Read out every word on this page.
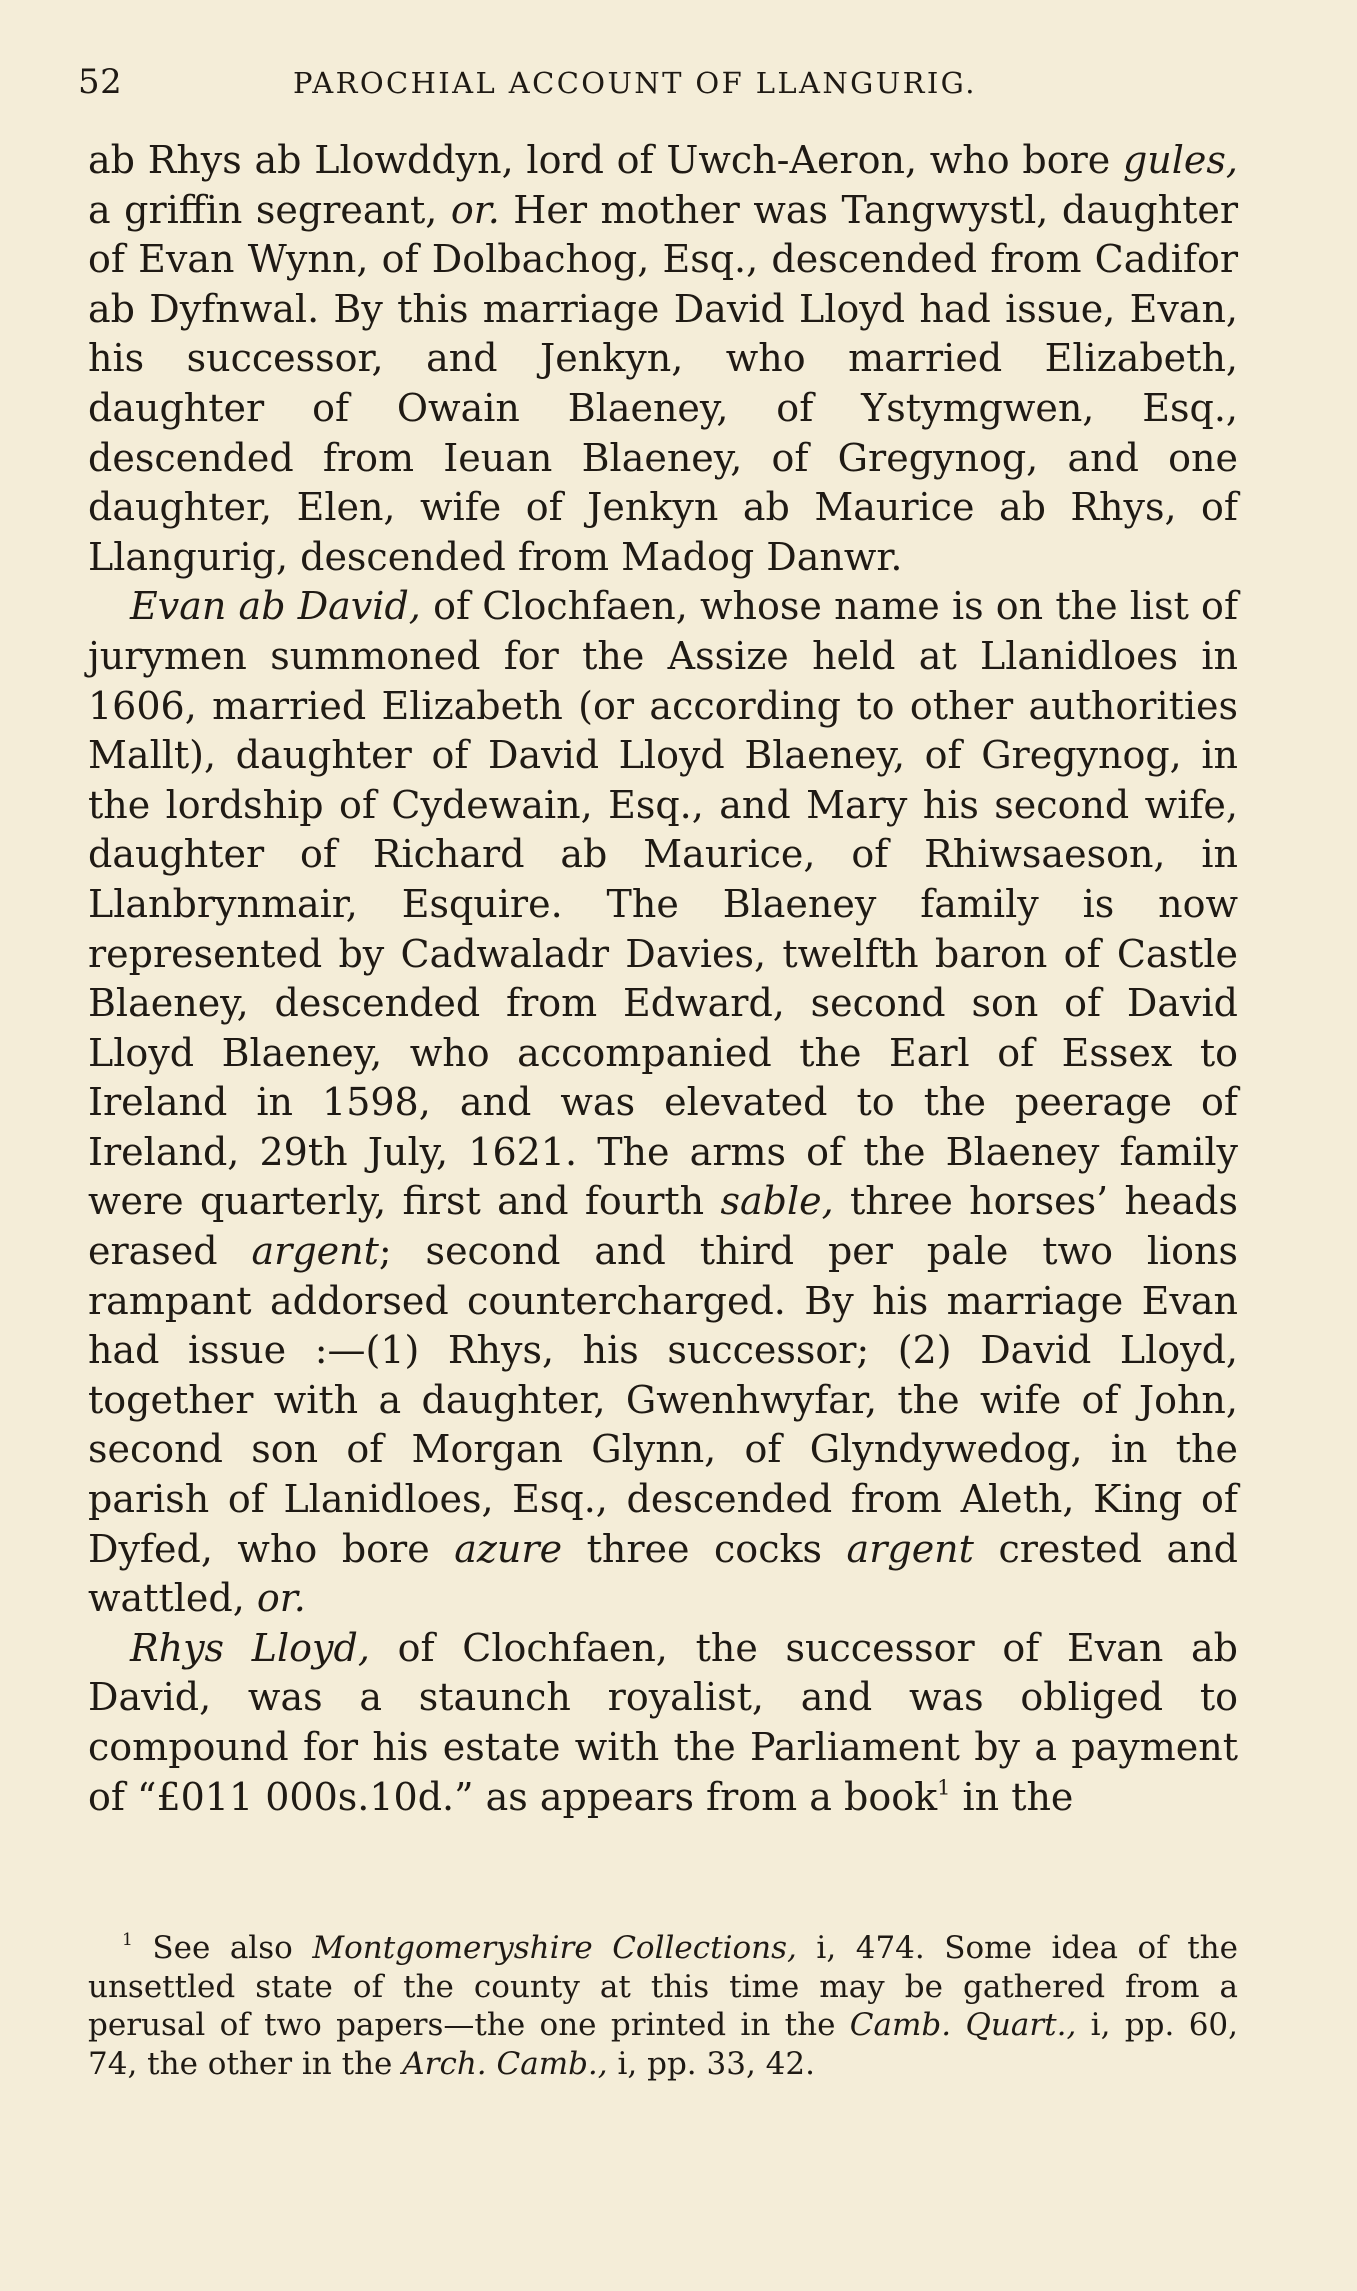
52	PAROCHIAL ACCOUNT OF LLANGURIG.

ab Rhys ab Llowddyn, lord of Uwch-Aeron, who bore gules, a griffin segreant, or. Her mother was Tangwystl, daughter of Evan Wynn, of Dolbachog, Esq., descended from Cadifor ab Dyfnwal. By this marriage David Lloyd had issue, Evan, his successor, and Jenkyn, who married Elizabeth, daughter of Owain Blaeney, of Ystymgwen, Esq., descended from Ieuan Blaeney, of Gregynog, and one daughter, Elen, wife of Jenkyn ab Maurice ab Rhys, of Llangurig, descended from Madog Danwr.

Evan ab David, of Clochfaen, whose name is on the list of jurymen summoned for the Assize held at Llanidloes in 1606, married Elizabeth (or according to other authorities Mallt), daughter of David Lloyd Blaeney, of Gregynog, in the lordship of Cydewain, Esq., and Mary his second wife, daughter of Richard ab Maurice, of Rhiwsaeson, in Llanbrynmair, Esquire. The Blaeney family is now represented by Cadwaladr Davies, twelfth baron of Castle Blaeney, descended from Edward, second son of David Lloyd Blaeney, who accompanied the Earl of Essex to Ireland in 1598, and was elevated to the peerage of Ireland, 29th July, 1621. The arms of the Blaeney family were quarterly, first and fourth sable, three horses’ heads erased argent; second and third per pale two lions rampant addorsed countercharged. By his marriage Evan had issue :—(1) Rhys, his successor; (2) David Lloyd, together with a daughter, Gwenhwyfar, the wife of John, second son of Morgan Glynn, of Glyndywedog, in the parish of Llanidloes, Esq., descended from Aleth, King of Dyfed, who bore azure three cocks argent crested and wattled, or.

Rhys Lloyd, of Clochfaen, the successor of Evan ab David, was a staunch royalist, and was obliged to compound for his estate with the Parliament by a payment of “£011 000s.10d.” as appears from a book$^1$ in the

$^1$ See also Montgomeryshire Collections, i, 474. Some idea of the unsettled state of the county at this time may be gathered from a perusal of two papers—the one printed in the Camb. Quart., i, pp. 60, 74, the other in the Arch. Camb., i, pp. 33, 42.
